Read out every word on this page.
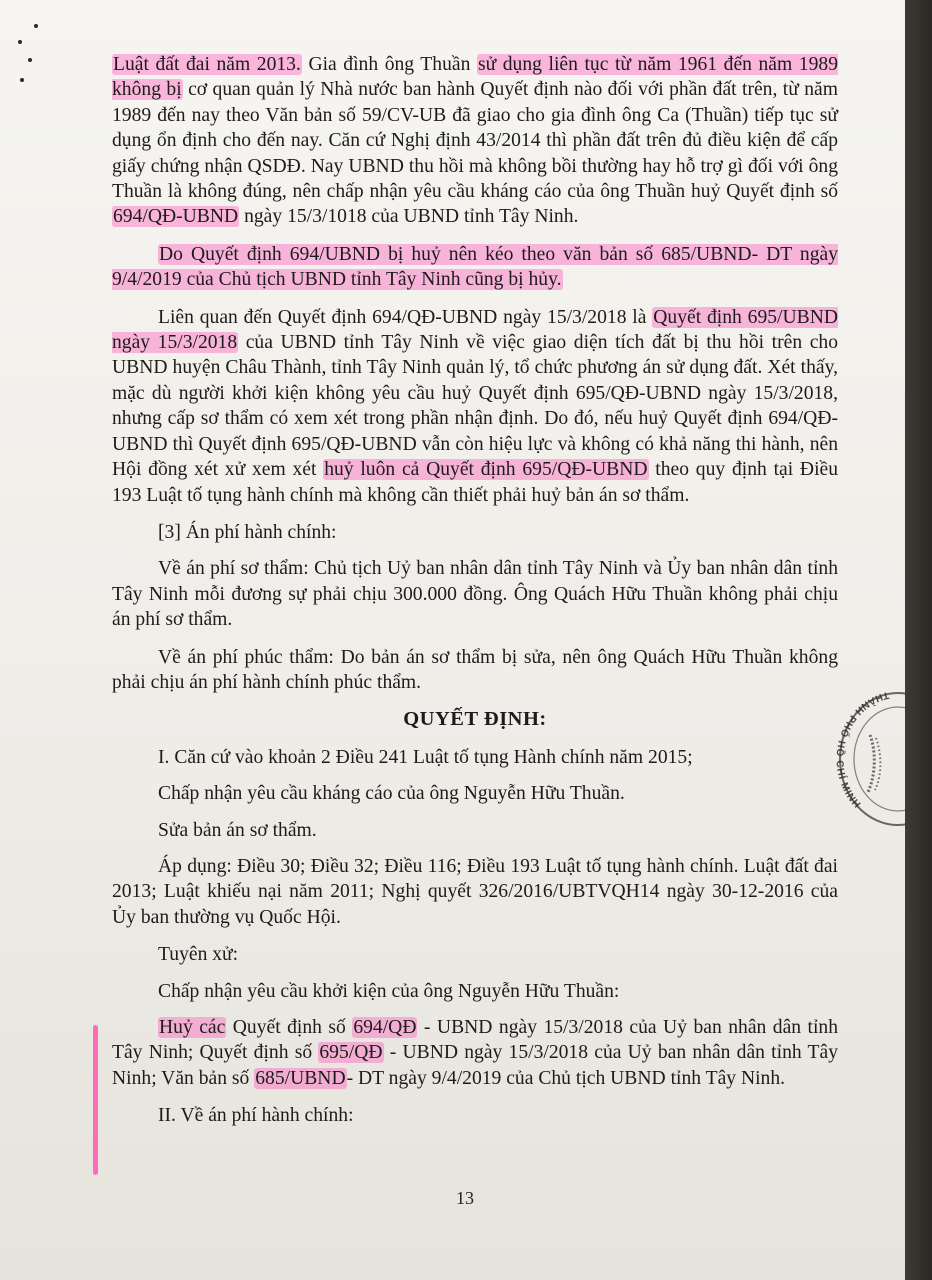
Luật đất đai năm 2013. Gia đình ông Thuần sử dụng liên tục từ năm 1961 đến năm 1989 không bị cơ quan quản lý Nhà nước ban hành Quyết định nào đối với phần đất trên, từ năm 1989 đến nay theo Văn bản số 59/CV-UB đã giao cho gia đình ông Ca (Thuần) tiếp tục sử dụng ổn định cho đến nay. Căn cứ Nghị định 43/2014 thì phần đất trên đủ điều kiện để cấp giấy chứng nhận QSDĐ. Nay UBND thu hồi mà không bồi thường hay hỗ trợ gì đối với ông Thuần là không đúng, nên chấp nhận yêu cầu kháng cáo của ông Thuần huỷ Quyết định số 694/QĐ-UBND ngày 15/3/1018 của UBND tỉnh Tây Ninh.

Do Quyết định 694/UBND bị huỷ nên kéo theo văn bản số 685/UBND- DT ngày 9/4/2019 của Chủ tịch UBND tỉnh Tây Ninh cũng bị hủy.

Liên quan đến Quyết định 694/QĐ-UBND ngày 15/3/2018 là Quyết định 695/UBND ngày 15/3/2018 của UBND tỉnh Tây Ninh về việc giao diện tích đất bị thu hồi trên cho UBND huyện Châu Thành, tỉnh Tây Ninh quản lý, tổ chức phương án sử dụng đất. Xét thấy, mặc dù người khởi kiện không yêu cầu huỷ Quyết định 695/QĐ-UBND ngày 15/3/2018, nhưng cấp sơ thẩm có xem xét trong phần nhận định. Do đó, nếu huỷ Quyết định 694/QĐ-UBND thì Quyết định 695/QĐ-UBND vẫn còn hiệu lực và không có khả năng thi hành, nên Hội đồng xét xử xem xét huỷ luôn cả Quyết định 695/QĐ-UBND theo quy định tại Điều 193 Luật tố tụng hành chính mà không cần thiết phải huỷ bản án sơ thẩm.

[3] Án phí hành chính:

Về án phí sơ thẩm: Chủ tịch Uỷ ban nhân dân tỉnh Tây Ninh và Ủy ban nhân dân tỉnh Tây Ninh mỗi đương sự phải chịu 300.000 đồng. Ông Quách Hữu Thuần không phải chịu án phí sơ thẩm.

Về án phí phúc thẩm: Do bản án sơ thẩm bị sửa, nên ông Quách Hữu Thuần không phải chịu án phí hành chính phúc thẩm.

QUYẾT ĐỊNH:

I. Căn cứ vào khoản 2 Điều 241 Luật tố tụng Hành chính năm 2015;

Chấp nhận yêu cầu kháng cáo của ông Nguyễn Hữu Thuần.

Sửa bản án sơ thẩm.

Áp dụng: Điều 30; Điều 32; Điều 116; Điều 193 Luật tố tụng hành chính. Luật đất đai 2013; Luật khiếu nại năm 2011; Nghị quyết 326/2016/UBTVQH14 ngày 30-12-2016 của Ủy ban thường vụ Quốc Hội.

Tuyên xử:

Chấp nhận yêu cầu khởi kiện của ông Nguyễn Hữu Thuần:

Huỷ các Quyết định số 694/QĐ - UBND ngày 15/3/2018 của Uỷ ban nhân dân tỉnh Tây Ninh; Quyết định số 695/QĐ - UBND ngày 15/3/2018 của Uỷ ban nhân dân tỉnh Tây Ninh; Văn bản số 685/UBND- DT ngày 9/4/2019 của Chủ tịch UBND tỉnh Tây Ninh.

II. Về án phí hành chính:

13
THÀNH PHỐ HỒ CHÍ MINH
